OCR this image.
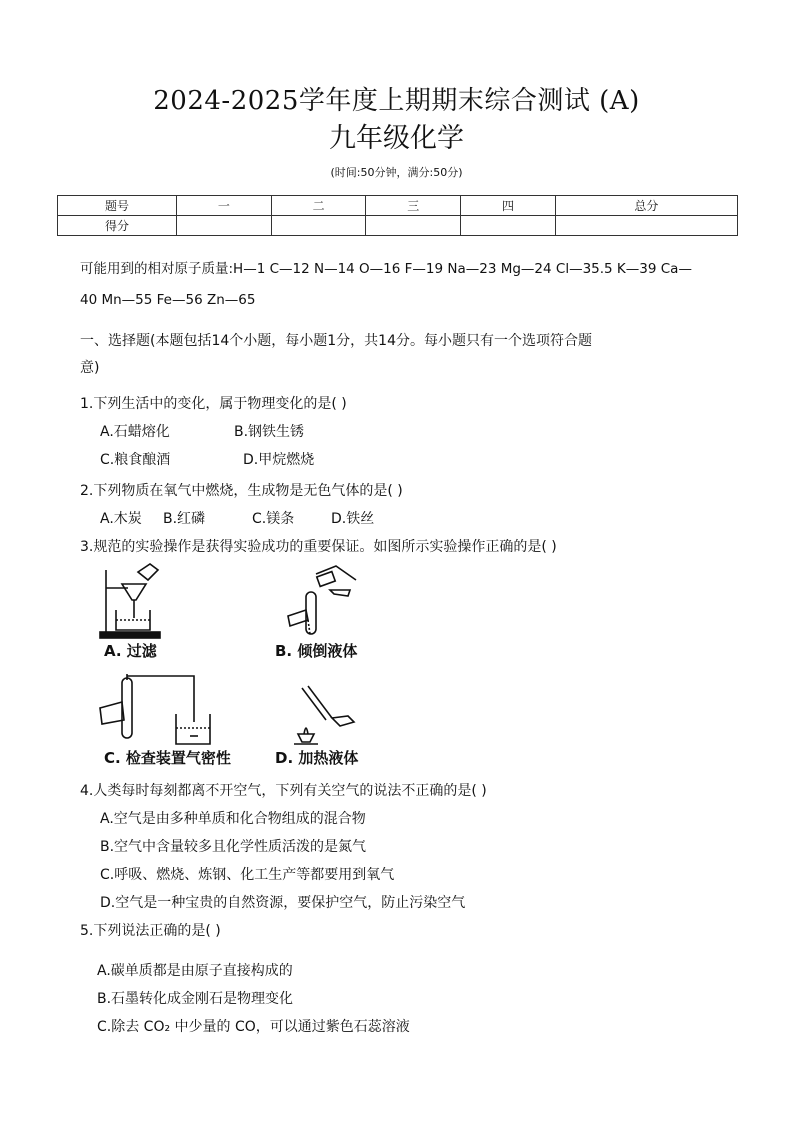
2024-2025学年度上期期末综合测试 (A)
九年级化学
(时间:50分钟，满分:50分)
题号	一	二	三	四	总分
得分					
可能用到的相对原子质量:H—1 C—12 N—14 O—16 F—19 Na—23 Mg—24 Cl—35.5 K—39 Ca—
40 Mn—55 Fe—56 Zn—65
一、选择题(本题包括14个小题，每小题1分，共14分。每小题只有一个选项符合题
意)
1.下列生活中的变化，属于物理变化的是( )
A.石蜡熔化	B.钢铁生锈
C.粮食酿酒	D.甲烷燃烧
2.下列物质在氧气中燃烧，生成物是无色气体的是( )
A.木炭 B.红磷	C.镁条	D.铁丝
3.规范的实验操作是获得实验成功的重要保证。如图所示实验操作正确的是( )
A. 过滤	B. 倾倒液体
C. 检查装置气密性	D. 加热液体
4.人类每时每刻都离不开空气，下列有关空气的说法不正确的是( )
A.空气是由多种单质和化合物组成的混合物
B.空气中含量较多且化学性质活泼的是氮气
C.呼吸、燃烧、炼钢、化工生产等都要用到氧气
D.空气是一种宝贵的自然资源，要保护空气，防止污染空气
5.下列说法正确的是( )
A.碳单质都是由原子直接构成的
B.石墨转化成金刚石是物理变化
C.除去 CO₂ 中少量的 CO，可以通过紫色石蕊溶液
